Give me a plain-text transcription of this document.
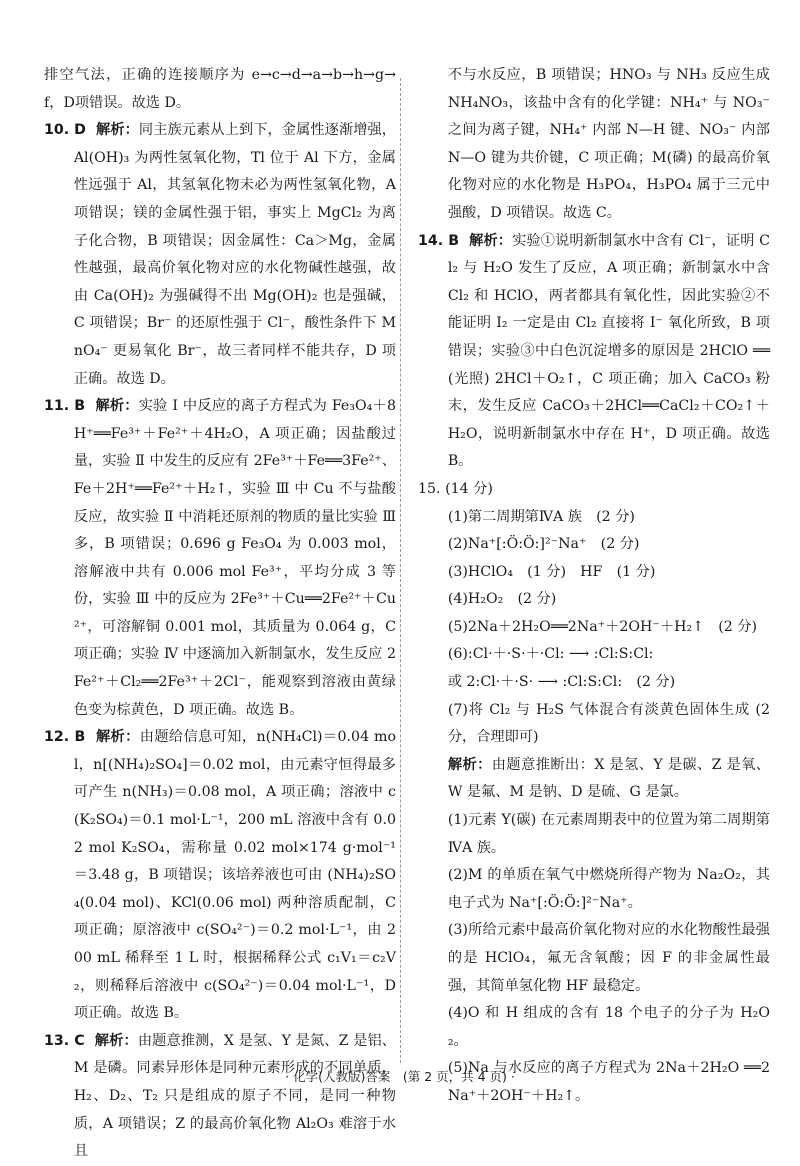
排空气法，正确的连接顺序为 e→c→d→a→b→h→g→f，D项错误。故选 D。

10. D  解析：同主族元素从上到下，金属性逐渐增强，Al(OH)₃ 为两性氢氧化物，Tl 位于 Al 下方，金属性远强于 Al，其氢氧化物未必为两性氢氧化物，A 项错误；镁的金属性强于铝，事实上 MgCl₂ 为离子化合物，B 项错误；因金属性：Ca＞Mg，金属性越强，最高价氧化物对应的水化物碱性越强，故由 Ca(OH)₂ 为强碱得不出 Mg(OH)₂ 也是强碱，C 项错误；Br⁻ 的还原性强于 Cl⁻，酸性条件下 MnO₄⁻ 更易氧化 Br⁻，故三者同样不能共存，D 项正确。故选 D。

11. B  解析：实验 Ⅰ 中反应的离子方程式为 Fe₃O₄＋8H⁺══Fe³⁺＋Fe²⁺＋4H₂O，A 项正确；因盐酸过量，实验 Ⅱ 中发生的反应有 2Fe³⁺＋Fe══3Fe²⁺、Fe＋2H⁺══Fe²⁺＋H₂↑，实验 Ⅲ 中 Cu 不与盐酸反应，故实验 Ⅱ 中消耗还原剂的物质的量比实验 Ⅲ 多，B 项错误；0.696 g Fe₃O₄ 为 0.003 mol，溶解液中共有 0.006 mol Fe³⁺，平均分成 3 等份，实验 Ⅲ 中的反应为 2Fe³⁺＋Cu══2Fe²⁺＋Cu²⁺，可溶解铜 0.001 mol，其质量为 0.064 g，C 项正确；实验 Ⅳ 中逐滴加入新制氯水，发生反应 2Fe²⁺＋Cl₂══2Fe³⁺＋2Cl⁻，能观察到溶液由黄绿色变为棕黄色，D 项正确。故选 B。

12. B  解析：由题给信息可知，n(NH₄Cl)＝0.04 mol，n[(NH₄)₂SO₄]＝0.02 mol，由元素守恒得最多可产生 n(NH₃)＝0.08 mol，A 项正确；溶液中 c(K₂SO₄)＝0.1 mol·L⁻¹，200 mL 溶液中含有 0.02 mol K₂SO₄，需称量 0.02 mol×174 g·mol⁻¹＝3.48 g，B 项错误；该培养液也可由 (NH₄)₂SO₄(0.04 mol)、KCl(0.06 mol) 两种溶质配制，C 项正确；原溶液中 c(SO₄²⁻)＝0.2 mol·L⁻¹，由 200 mL 稀释至 1 L 时，根据稀释公式 c₁V₁＝c₂V₂，则稀释后溶液中 c(SO₄²⁻)＝0.04 mol·L⁻¹，D 项正确。故选 B。

13. C  解析：由题意推测，X 是氢、Y 是氮、Z 是铝、M 是磷。同素异形体是同种元素形成的不同单质，H₂、D₂、T₂ 只是组成的原子不同，是同一种物质，A 项错误；Z 的最高价氧化物 Al₂O₃ 难溶于水且

不与水反应，B 项错误；HNO₃ 与 NH₃ 反应生成 NH₄NO₃，该盐中含有的化学键：NH₄⁺ 与 NO₃⁻ 之间为离子键，NH₄⁺ 内部 N—H 键、NO₃⁻ 内部 N—O 键为共价键，C 项正确；M(磷) 的最高价氧化物对应的水化物是 H₃PO₄，H₃PO₄ 属于三元中强酸，D 项错误。故选 C。

14. B  解析：实验①说明新制氯水中含有 Cl⁻，证明 Cl₂ 与 H₂O 发生了反应，A 项正确；新制氯水中含 Cl₂ 和 HClO，两者都具有氧化性，因此实验②不能证明 I₂ 一定是由 Cl₂ 直接将 I⁻ 氧化所致，B 项错误；实验③中白色沉淀增多的原因是 2HClO ══(光照) 2HCl＋O₂↑，C 项正确；加入 CaCO₃ 粉末，发生反应 CaCO₃＋2HCl══CaCl₂＋CO₂↑＋H₂O，说明新制氯水中存在 H⁺，D 项正确。故选 B。

15. (14 分)

(1)第二周期第ⅣA 族　(2 分)

(2)Na⁺[:Ö:Ö:]²⁻Na⁺　(2 分)

(3)HClO₄　(1 分)　HF　(1 分)

(4)H₂O₂　(2 分)

(5)2Na＋2H₂O══2Na⁺＋2OH⁻＋H₂↑　(2 分)

(6):Cl·＋·S·＋·Cl: ⟶ :Cl:S:Cl:

或 2:Cl·＋·S· ⟶ :Cl:S:Cl:　(2 分)

(7)将 Cl₂ 与 H₂S 气体混合有淡黄色固体生成 (2 分，合理即可)

解析：由题意推断出：X 是氢、Y 是碳、Z 是氧、W 是氟、M 是钠、D 是硫、G 是氯。

(1)元素 Y(碳) 在元素周期表中的位置为第二周期第ⅣA 族。

(2)M 的单质在氧气中燃烧所得产物为 Na₂O₂，其电子式为 Na⁺[:Ö:Ö:]²⁻Na⁺。

(3)所给元素中最高价氧化物对应的水化物酸性最强的是 HClO₄，氟无含氧酸；因 F 的非金属性最强，其简单氢化物 HF 最稳定。

(4)O 和 H 组成的含有 18 个电子的分子为 H₂O₂。

(5)Na 与水反应的离子方程式为 2Na＋2H₂O ══2Na⁺＋2OH⁻＋H₂↑。

· 化学(人教版)答案　(第 2 页，共 4 页) ·
